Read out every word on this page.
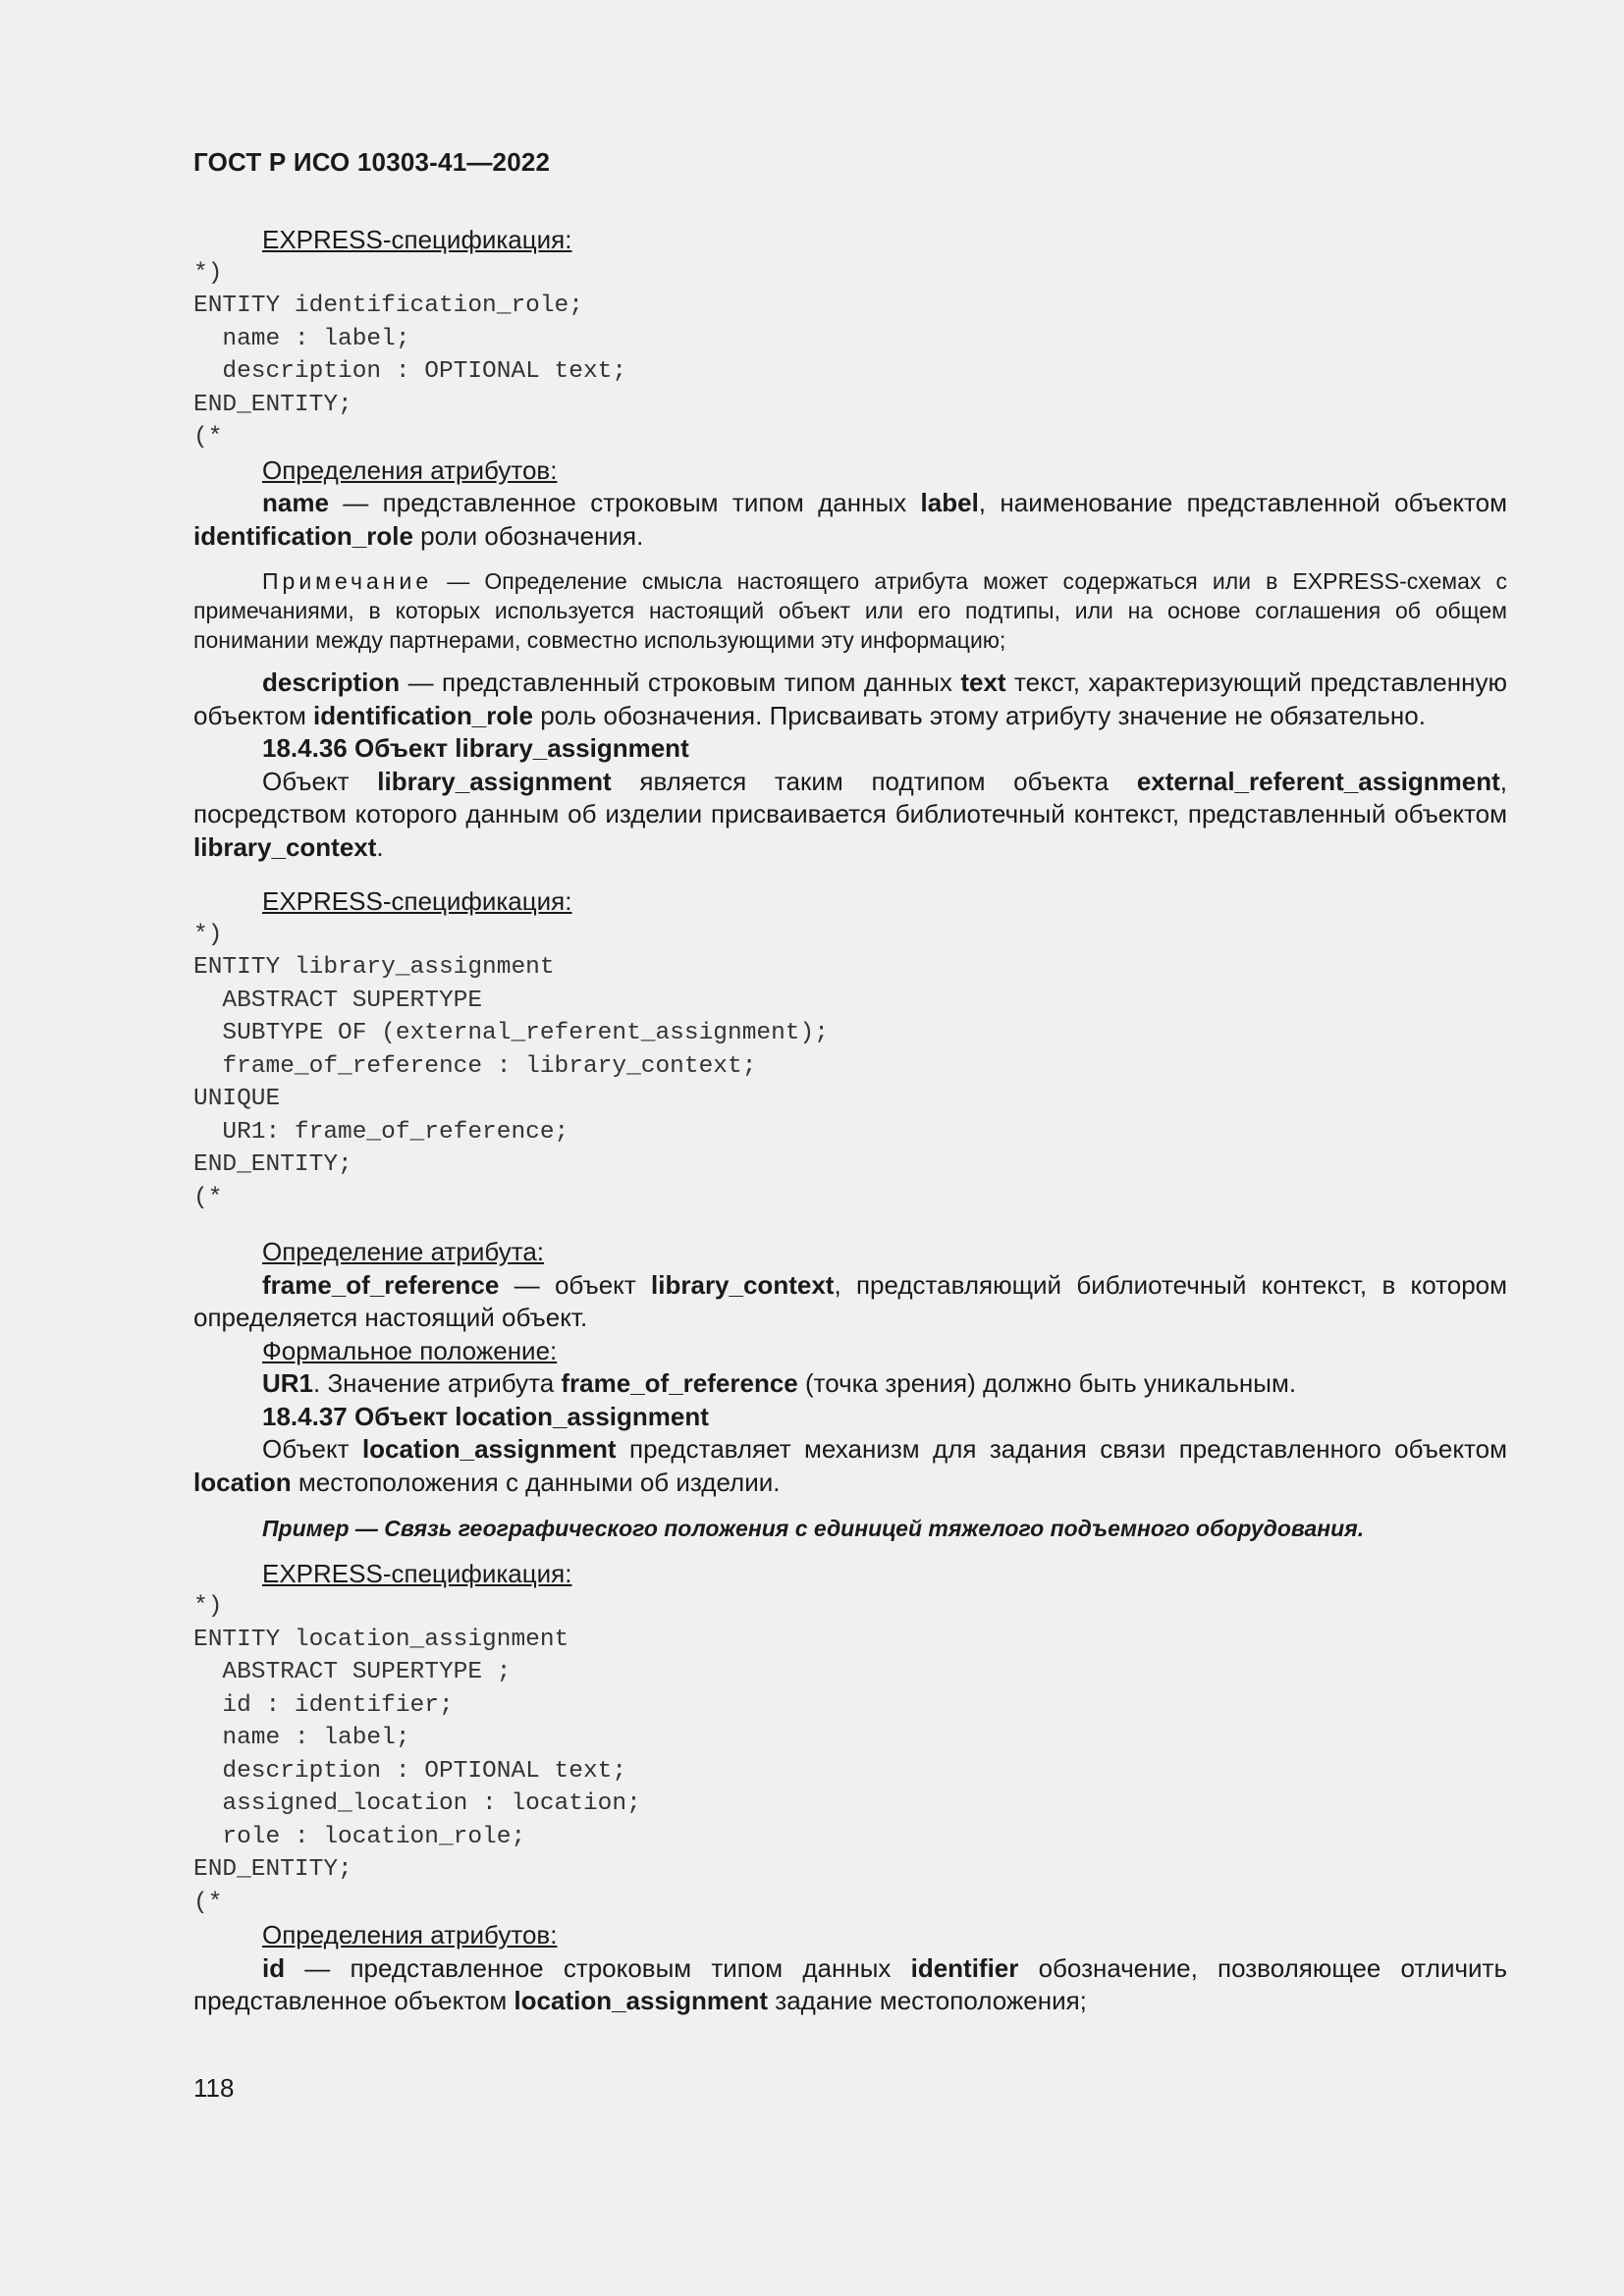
ГОСТ Р ИСО 10303-41—2022

EXPRESS-спецификация:

*)
ENTITY identification_role;
name : label;
description : OPTIONAL text;
END_ENTITY;
(*

Определения атрибутов:

name — представленное строковым типом данных label, наименование представленной объектом identification_role роли обозначения.

Примечание — Определение смысла настоящего атрибута может содержаться или в EXPRESS-схемах с примечаниями, в которых используется настоящий объект или его подтипы, или на основе соглашения об общем понимании между партнерами, совместно использующими эту информацию;

description — представленный строковым типом данных text текст, характеризующий представленную объектом identification_role роль обозначения. Присваивать этому атрибуту значение не обязательно.

18.4.36 Объект library_assignment

Объект library_assignment является таким подтипом объекта external_referent_assignment, посредством которого данным об изделии присваивается библиотечный контекст, представленный объектом library_context.

EXPRESS-спецификация:

*)
ENTITY library_assignment
ABSTRACT SUPERTYPE
SUBTYPE OF (external_referent_assignment);
frame_of_reference : library_context;
UNIQUE
UR1: frame_of_reference;
END_ENTITY;
(*

Определение атрибута:

frame_of_reference — объект library_context, представляющий библиотечный контекст, в котором определяется настоящий объект.

Формальное положение:

UR1. Значение атрибута frame_of_reference (точка зрения) должно быть уникальным.

18.4.37 Объект location_assignment

Объект location_assignment представляет механизм для задания связи представленного объектом location местоположения с данными об изделии.

Пример — Связь географического положения с единицей тяжелого подъемного оборудования.

EXPRESS-спецификация:

*)
ENTITY location_assignment
ABSTRACT SUPERTYPE ;
id : identifier;
name : label;
description : OPTIONAL text;
assigned_location : location;
role : location_role;
END_ENTITY;
(*

Определения атрибутов:

id — представленное строковым типом данных identifier обозначение, позволяющее отличить представленное объектом location_assignment задание местоположения;

118
